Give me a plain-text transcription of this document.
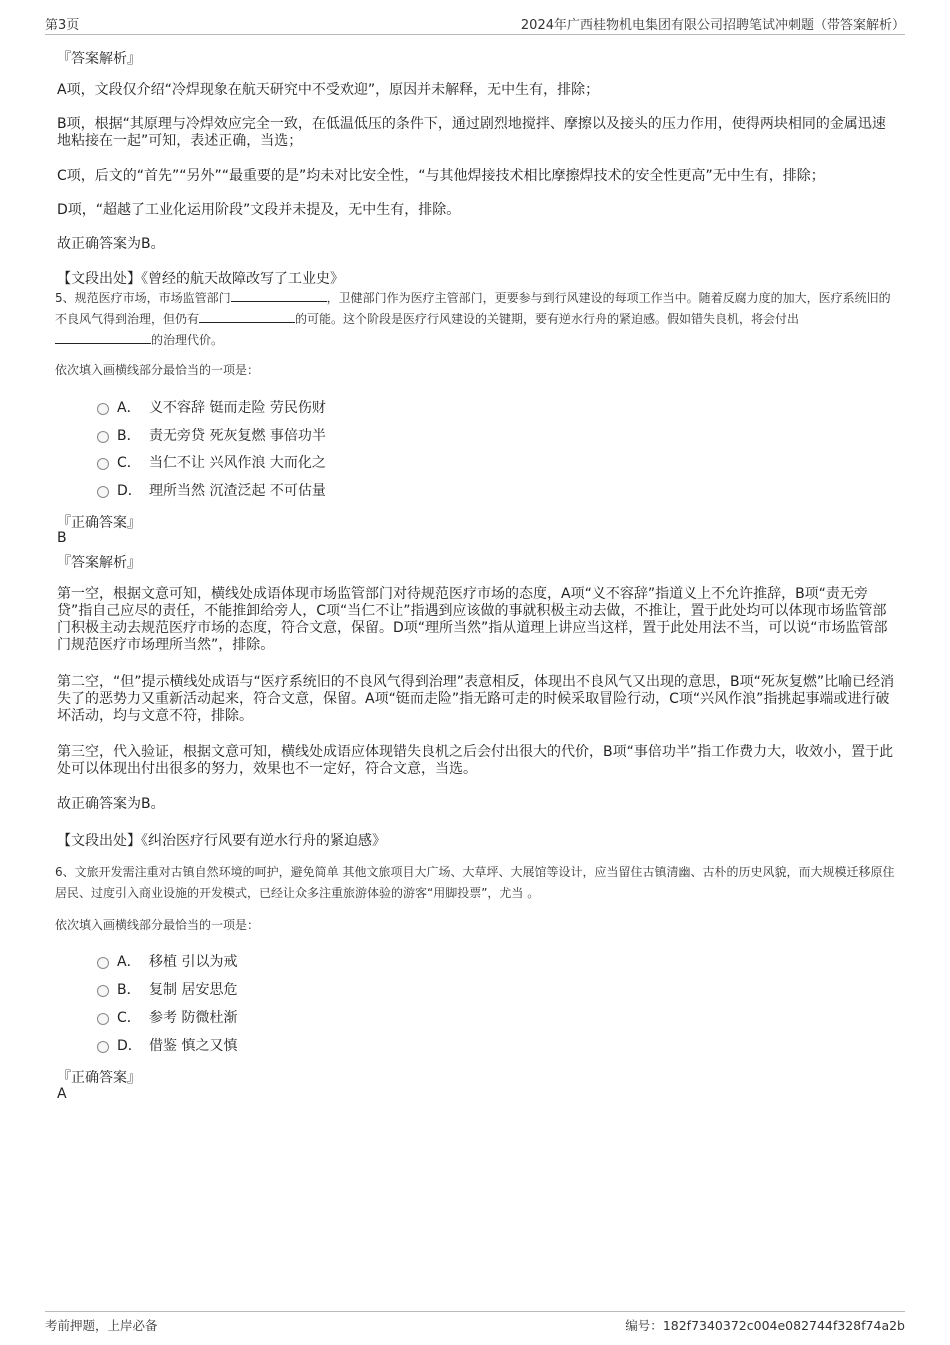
第3页	2024年广西桂物机电集团有限公司招聘笔试冲刺题（带答案解析）
『答案解析』
A项，文段仅介绍“冷焊现象在航天研究中不受欢迎”，原因并未解释，无中生有，排除；
B项，根据“其原理与冷焊效应完全一致，在低温低压的条件下，通过剧烈地搅拌、摩擦以及接头的压力作用，使得两块相同的金属迅速地粘接在一起”可知，表述正确，当选；
C项，后文的“首先”“另外”“最重要的是”均未对比安全性，“与其他焊接技术相比摩擦焊技术的安全性更高”无中生有，排除；
D项，“超越了工业化运用阶段”文段并未提及，无中生有，排除。
故正确答案为B。
【文段出处】《曾经的航天故障改写了工业史》
5、规范医疗市场，市场监管部门	，卫健部门作为医疗主管部门，更要参与到行风建设的每项工作当中。随着反腐力度的加大，医疗系统旧的不良风气得到治理，但仍有	的可能。这个阶段是医疗行风建设的关键期，要有逆水行舟的紧迫感。假如错失良机，将会付出的治理代价。
依次填入画横线部分最恰当的一项是：
A． 义不容辞 铤而走险 劳民伤财
B． 责无旁贷 死灰复燃 事倍功半
C． 当仁不让 兴风作浪 大而化之
D． 理所当然 沉渣泛起 不可估量
『正确答案』
B
『答案解析』
第一空，根据文意可知，横线处成语体现市场监管部门对待规范医疗市场的态度，A项“义不容辞”指道义上不允许推辞，B项“责无旁贷”指自己应尽的责任，不能推卸给旁人，C项“当仁不让”指遇到应该做的事就积极主动去做，不推让，置于此处均可以体现市场监管部门积极主动去规范医疗市场的态度，符合文意，保留。D项“理所当然”指从道理上讲应当这样，置于此处用法不当，可以说“市场监管部门规范医疗市场理所当然”，排除。
第二空，“但”提示横线处成语与“医疗系统旧的不良风气得到治理”表意相反，体现出不良风气又出现的意思，B项“死灰复燃”比喻已经消失了的恶势力又重新活动起来，符合文意，保留。A项“铤而走险”指无路可走的时候采取冒险行动，C项“兴风作浪”指挑起事端或进行破坏活动，均与文意不符，排除。
第三空，代入验证，根据文意可知，横线处成语应体现错失良机之后会付出很大的代价，B项“事倍功半”指工作费力大，收效小，置于此处可以体现出付出很多的努力，效果也不一定好，符合文意，当选。
故正确答案为B。
【文段出处】《纠治医疗行风要有逆水行舟的紧迫感》
6、文旅开发需注重对古镇自然环境的呵护，避免简单 其他文旅项目大广场、大草坪、大展馆等设计，应当留住古镇清幽、古朴的历史风貌，而大规模迁移原住居民、过度引入商业设施的开发模式，已经让众多注重旅游体验的游客“用脚投票”，尤当 。
依次填入画横线部分最恰当的一项是：
A． 移植 引以为戒
B． 复制 居安思危
C． 参考 防微杜渐
D． 借鉴 慎之又慎
『正确答案』
A
考前押题，上岸必备	编号：182f7340372c004e082744f328f74a2b
